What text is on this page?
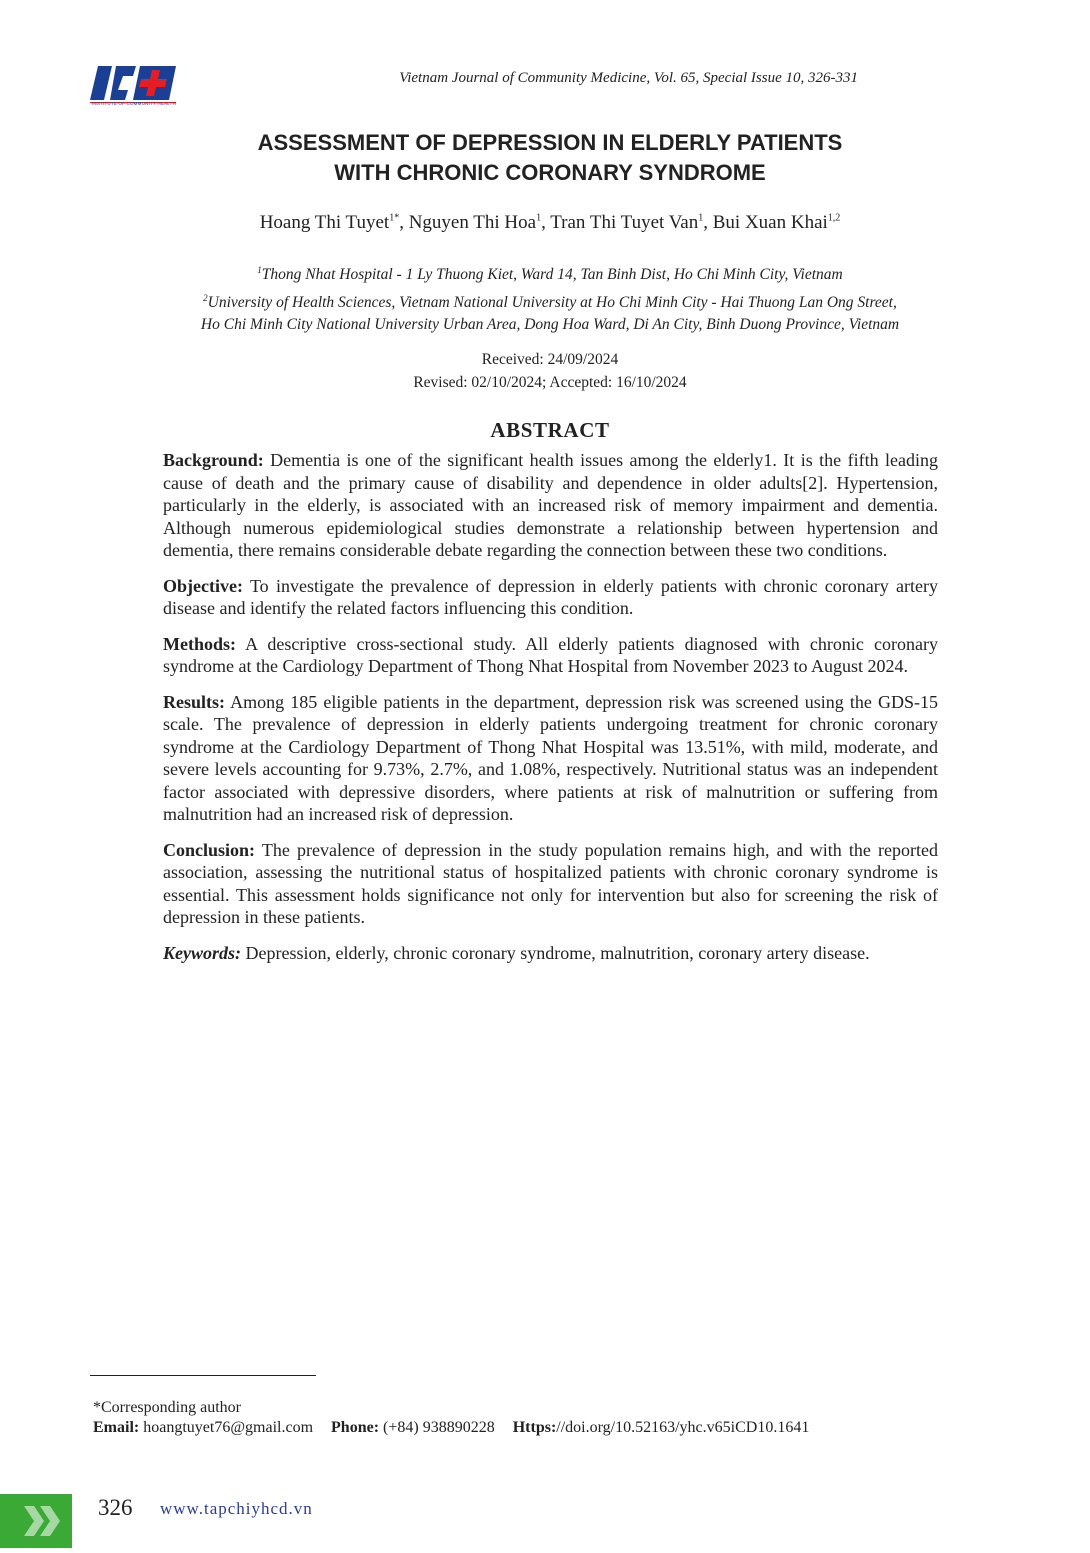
INSTITUTE OF COMMUNITY HEALTH
Vietnam Journal of Community Medicine, Vol. 65, Special Issue 10, 326-331
ASSESSMENT OF DEPRESSION IN ELDERLY PATIENTS
WITH CHRONIC CORONARY SYNDROME
Hoang Thi Tuyet$^{1*}$, Nguyen Thi Hoa$^1$, Tran Thi Tuyet Van$^1$, Bui Xuan Khai$^{1,2}$
$^1$Thong Nhat Hospital - 1 Ly Thuong Kiet, Ward 14, Tan Binh Dist, Ho Chi Minh City, Vietnam
$^2$University of Health Sciences, Vietnam National University at Ho Chi Minh City - Hai Thuong Lan Ong Street,
Ho Chi Minh City National University Urban Area, Dong Hoa Ward, Di An City, Binh Duong Province, Vietnam
Received: 24/09/2024
Revised: 02/10/2024; Accepted: 16/10/2024
ABSTRACT

Background: Dementia is one of the significant health issues among the elderly1. It is the fifth leading cause of death and the primary cause of disability and dependence in older adults[2]. Hypertension, particularly in the elderly, is associated with an increased risk of memory impairment and dementia. Although numerous epidemiological studies demonstrate a relationship between hypertension and dementia, there remains considerable debate regarding the connection between these two conditions.

Objective: To investigate the prevalence of depression in elderly patients with chronic coronary artery disease and identify the related factors influencing this condition.

Methods: A descriptive cross-sectional study. All elderly patients diagnosed with chronic coronary syndrome at the Cardiology Department of Thong Nhat Hospital from November 2023 to August 2024.

Results: Among 185 eligible patients in the department, depression risk was screened using the GDS-15 scale. The prevalence of depression in elderly patients undergoing treatment for chronic coronary syndrome at the Cardiology Department of Thong Nhat Hospital was 13.51%, with mild, moderate, and severe levels accounting for 9.73%, 2.7%, and 1.08%, respectively. Nutritional status was an independent factor associated with depressive disorders, where patients at risk of malnutrition or suffering from malnutrition had an increased risk of depression.

Conclusion: The prevalence of depression in the study population remains high, and with the reported association, assessing the nutritional status of hospitalized patients with chronic coronary syndrome is essential. This assessment holds significance not only for intervention but also for screening the risk of depression in these patients.

Keywords: Depression, elderly, chronic coronary syndrome, malnutrition, coronary artery disease.

*Corresponding author
Email: hoangtuyet76@gmail.com Phone: (+84) 938890228 Https://doi.org/10.52163/yhc.v65iCD10.1641
326 www.tapchiyhcd.vn
